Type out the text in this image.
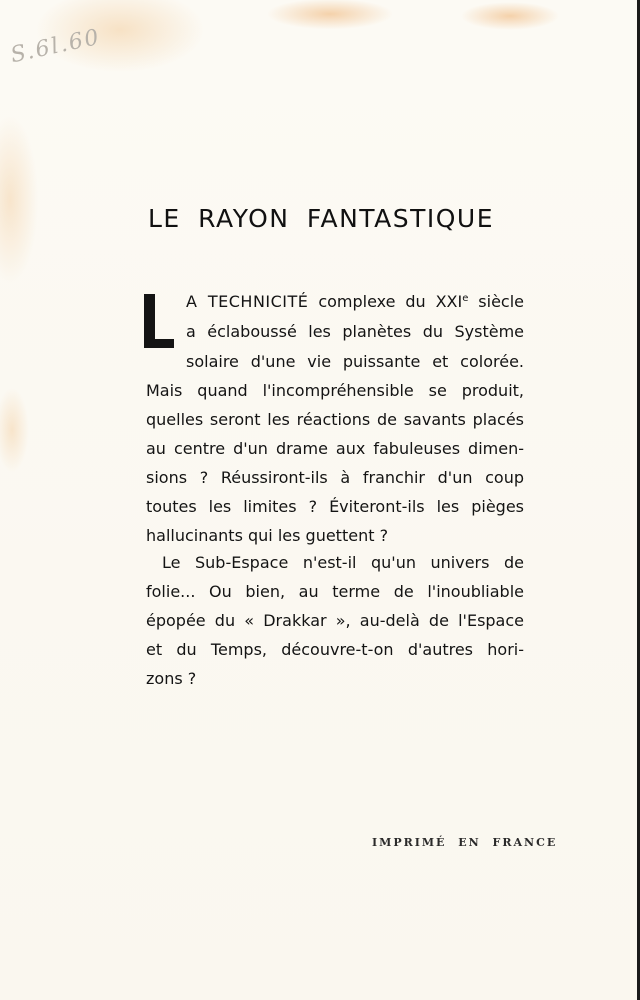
S.6l.60
LE RAYON FANTASTIQUE
A TECHNICITÉ complexe du XXIe siècle
a éclaboussé les planètes du Système
solaire d'une vie puissante et colorée.
Mais quand l'incompréhensible se produit,
quelles seront les réactions de savants placés
au centre d'un drame aux fabuleuses dimen-
sions ? Réussiront-ils à franchir d'un coup
toutes les limites ? Éviteront-ils les pièges
hallucinants qui les guettent ?
Le Sub-Espace n'est-il qu'un univers de
folie... Ou bien, au terme de l'inoubliable
épopée du « Drakkar », au-delà de l'Espace
et du Temps, découvre-t-on d'autres hori-
zons ?
IMPRIMÉ EN FRANCE
